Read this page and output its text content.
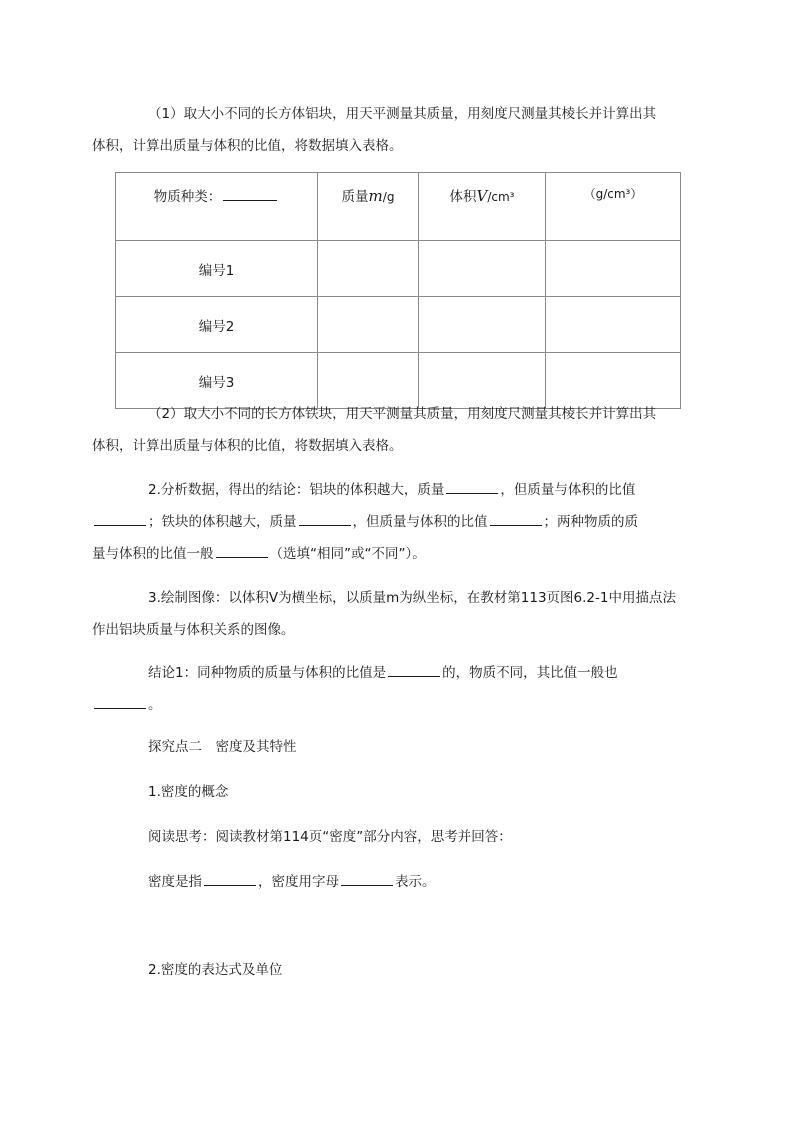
（1）取大小不同的长方体铝块，用天平测量其质量，用刻度尺测量其棱长并计算出其
体积，计算出质量与体积的比值，将数据填入表格。

物质种类：	质量m/g	体积V/cm³	（g/cm³）
编号1			
编号2			
编号3			

（2）取大小不同的长方体铁块，用天平测量其质量，用刻度尺测量其棱长并计算出其
体积，计算出质量与体积的比值，将数据填入表格。

2.分析数据，得出的结论：铝块的体积越大，质量	，但质量与体积的比值
；铁块的体积越大，质量	，但质量与体积的比值	；两种物质的质
量与体积的比值一般	（选填“相同”或“不同”）。

3.绘制图像：以体积V为横坐标，以质量m为纵坐标，在教材第113页图6.2-1中用描点法
作出铝块质量与体积关系的图像。

结论1：同种物质的质量与体积的比值是	的，物质不同，其比值一般也
。

探究点二　密度及其特性

1.密度的概念

阅读思考：阅读教材第114页“密度”部分内容，思考并回答：

密度是指	，密度用字母	表示。

2.密度的表达式及单位
